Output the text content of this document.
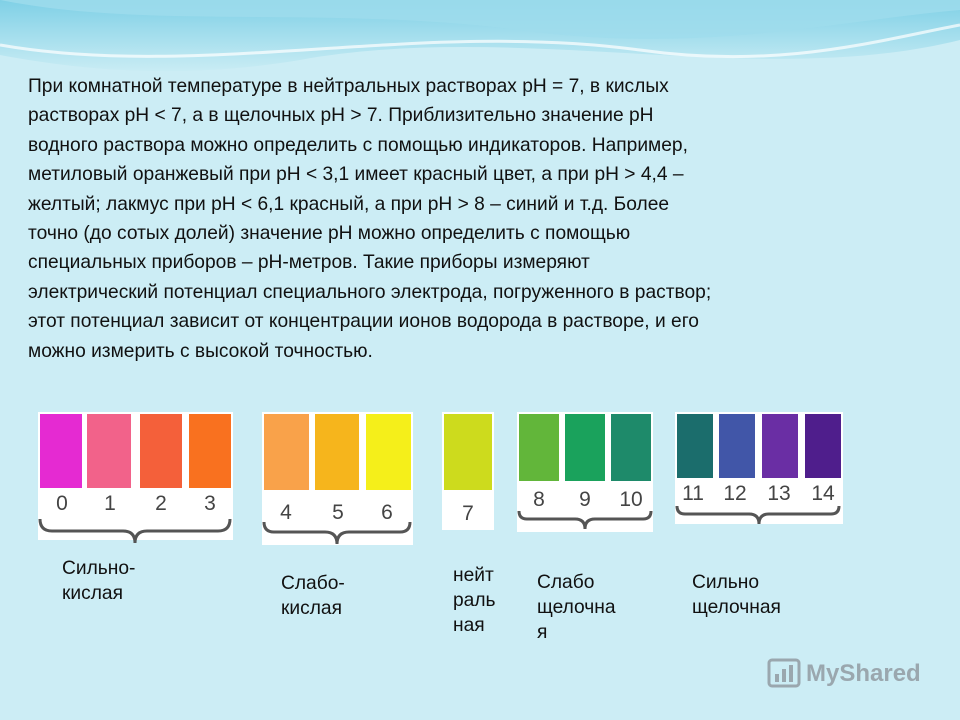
При комнатной температуре в нейтральных растворах рН = 7, в кислых
растворах рН < 7, а в щелочных рН > 7. Приблизительно значение рН
водного раствора можно определить с помощью индикаторов. Например,
метиловый оранжевый при рН < 3,1 имеет красный цвет, а при рН > 4,4 –
желтый; лакмус при рН < 6,1 красный, а при рН > 8 – синий и т.д. Более
точно (до сотых долей) значение рН можно определить с помощью
специальных приборов – рН-метров. Такие приборы измеряют
электрический потенциал специального электрода, погруженного в раствор;
этот потенциал зависит от концентрации ионов водорода в растворе, и его
можно измерить с высокой точностью.
0	1	2	3	4	5	6	7
8	9	10	11 12 13 14
Сильно-
кислая	Слабо-
кислая
нейт
раль
ная
Слабо
щелочна
я
Сильно
щелочная
MyShared
